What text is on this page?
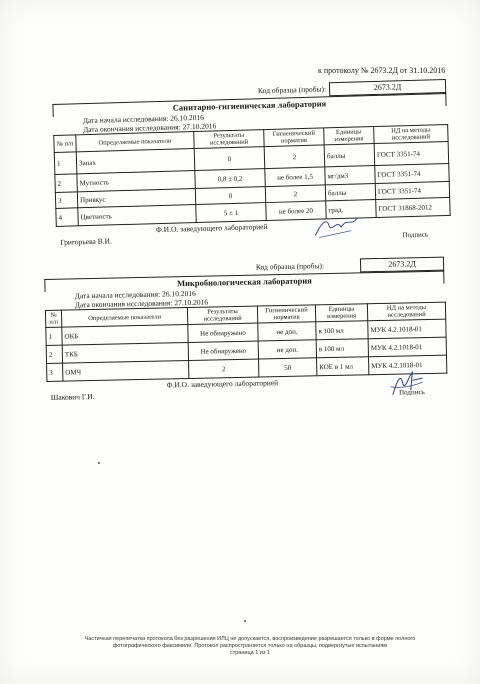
к протоколу № 2673.2Д от 31.10.2016
Код образца (пробы):	2673.2Д
Санитарно-гигиеническая лаборатория
Дата начала исследования: 26.10.2016
Дата окончания исследования: 27.10.2016
№ п/п	Определяемые показатели	Результаты исследований	Гигиенический норматив	Единицы измерения	НД на методы исследований
1	Запах	0	2	баллы	ГОСТ 3351-74
2	Мутность	0,8 ± 0,2	не более 1,5	мг/дм3	ГОСТ 3351-74
3	Привкус	0	2	баллы	ГОСТ 3351-74
4	Цветность	5 ± 1	не более 20	град.	ГОСТ 31868-2012
Ф.И.О. заведующего лабораторией
Григорьева В.И.
Подпись
Код образца (пробы):	2673.2Д
Микробиологическая лаборатория
Дата начала исследования: 26.10.2016
Дата окончания исследования: 27.10.2016
№ п/п	Определяемые показатели	Результаты исследований	Гигиенический норматив	Единицы измерения	НД на методы исследований
1	ОКБ	Не обнаружено	не доп.	в 100 мл	МУК 4.2.1018-01
2	ТКБ	Не обнаружено	не доп.	в 100 мл	МУК 4.2.1018-01
3	ОМЧ	2	50	КОЕ в 1 мл	МУК 4.2.1018-01
Ф.И.О. заведующего лабораторией
Шакович Г.И.	Подпись
Частичная перепечатка протокола без разрешения ИЛЦ не допускается, воспроизведение разрешается только в форме полного
фотографического факсимиле. Протокол распространяется только на образцы, подвергнутые испытаниям
страница 1 из 1
